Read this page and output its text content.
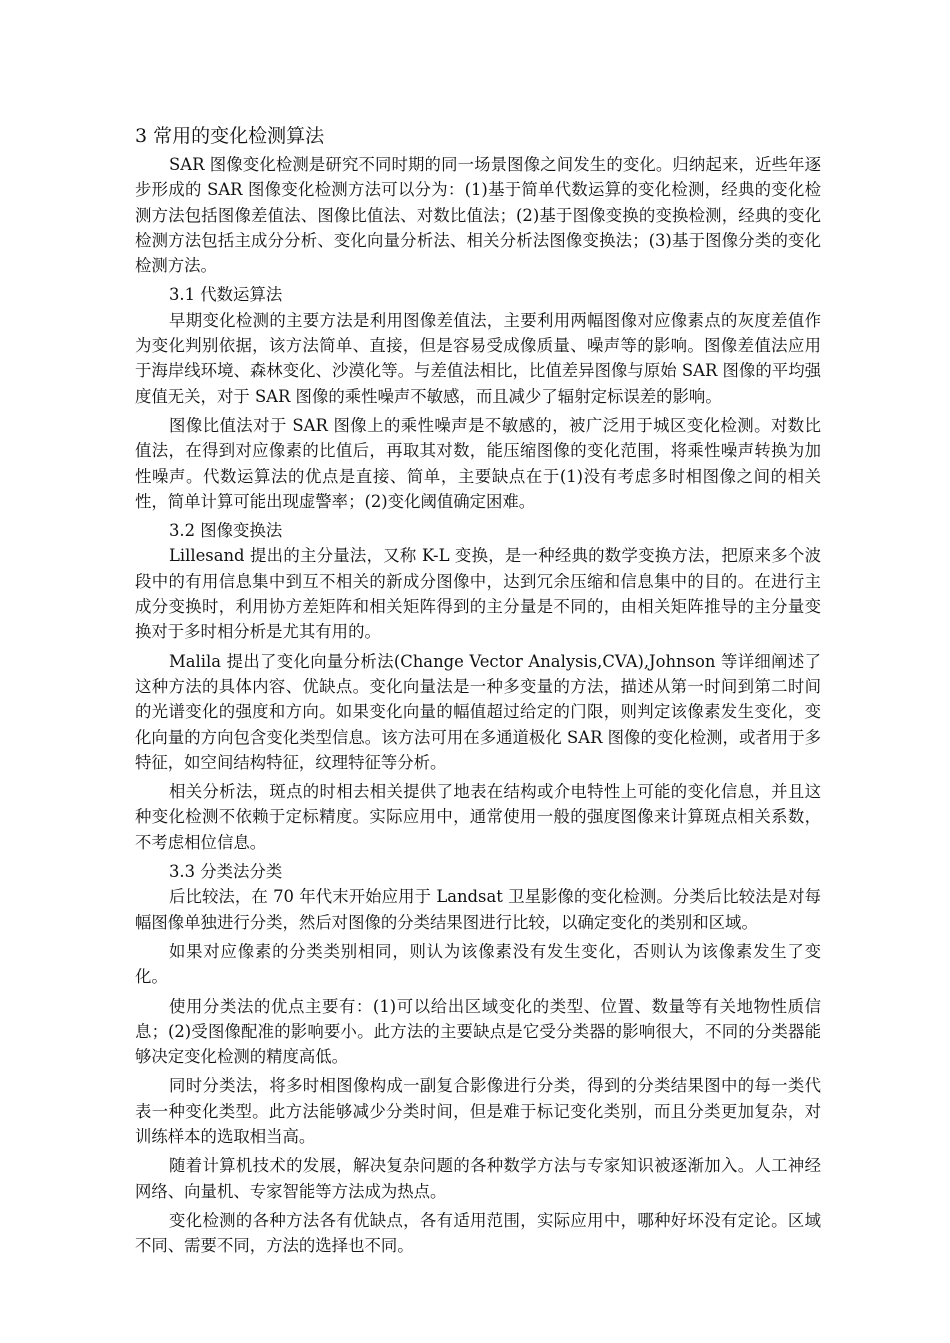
3 常用的变化检测算法

SAR 图像变化检测是研究不同时期的同一场景图像之间发生的变化。归纳起来，近些年逐步形成的 SAR 图像变化检测方法可以分为：(1)基于简单代数运算的变化检测，经典的变化检测方法包括图像差值法、图像比值法、对数比值法；(2)基于图像变换的变换检测，经典的变化检测方法包括主成分分析、变化向量分析法、相关分析法图像变换法；(3)基于图像分类的变化检测方法。

3.1 代数运算法

早期变化检测的主要方法是利用图像差值法，主要利用两幅图像对应像素点的灰度差值作为变化判别依据，该方法简单、直接，但是容易受成像质量、噪声等的影响。图像差值法应用于海岸线环境、森林变化、沙漠化等。与差值法相比，比值差异图像与原始 SAR 图像的平均强度值无关，对于 SAR 图像的乘性噪声不敏感，而且减少了辐射定标误差的影响。

图像比值法对于 SAR 图像上的乘性噪声是不敏感的，被广泛用于城区变化检测。对数比值法，在得到对应像素的比值后，再取其对数，能压缩图像的变化范围，将乘性噪声转换为加性噪声。代数运算法的优点是直接、简单，主要缺点在于(1)没有考虑多时相图像之间的相关性，简单计算可能出现虚警率；(2)变化阈值确定困难。

3.2 图像变换法

Lillesand 提出的主分量法，又称 K-L 变换，是一种经典的数学变换方法，把原来多个波段中的有用信息集中到互不相关的新成分图像中，达到冗余压缩和信息集中的目的。在进行主成分变换时，利用协方差矩阵和相关矩阵得到的主分量是不同的，由相关矩阵推导的主分量变换对于多时相分析是尤其有用的。

Malila 提出了变化向量分析法(Change Vector Analysis,CVA),Johnson 等详细阐述了这种方法的具体内容、优缺点。变化向量法是一种多变量的方法，描述从第一时间到第二时间的光谱变化的强度和方向。如果变化向量的幅值超过给定的门限，则判定该像素发生变化，变化向量的方向包含变化类型信息。该方法可用在多通道极化 SAR 图像的变化检测，或者用于多特征，如空间结构特征，纹理特征等分析。

相关分析法，斑点的时相去相关提供了地表在结构或介电特性上可能的变化信息，并且这种变化检测不依赖于定标精度。实际应用中，通常使用一般的强度图像来计算斑点相关系数，不考虑相位信息。

3.3 分类法分类

后比较法，在 70 年代末开始应用于 Landsat 卫星影像的变化检测。分类后比较法是对每幅图像单独进行分类，然后对图像的分类结果图进行比较，以确定变化的类别和区域。

如果对应像素的分类类别相同，则认为该像素没有发生变化，否则认为该像素发生了变化。

使用分类法的优点主要有：(1)可以给出区域变化的类型、位置、数量等有关地物性质信息；(2)受图像配准的影响要小。此方法的主要缺点是它受分类器的影响很大，不同的分类器能够决定变化检测的精度高低。

同时分类法，将多时相图像构成一副复合影像进行分类，得到的分类结果图中的每一类代表一种变化类型。此方法能够减少分类时间，但是难于标记变化类别，而且分类更加复杂，对训练样本的选取相当高。

随着计算机技术的发展，解决复杂问题的各种数学方法与专家知识被逐渐加入。人工神经网络、向量机、专家智能等方法成为热点。

变化检测的各种方法各有优缺点，各有适用范围，实际应用中，哪种好坏没有定论。区域不同、需要不同，方法的选择也不同。
